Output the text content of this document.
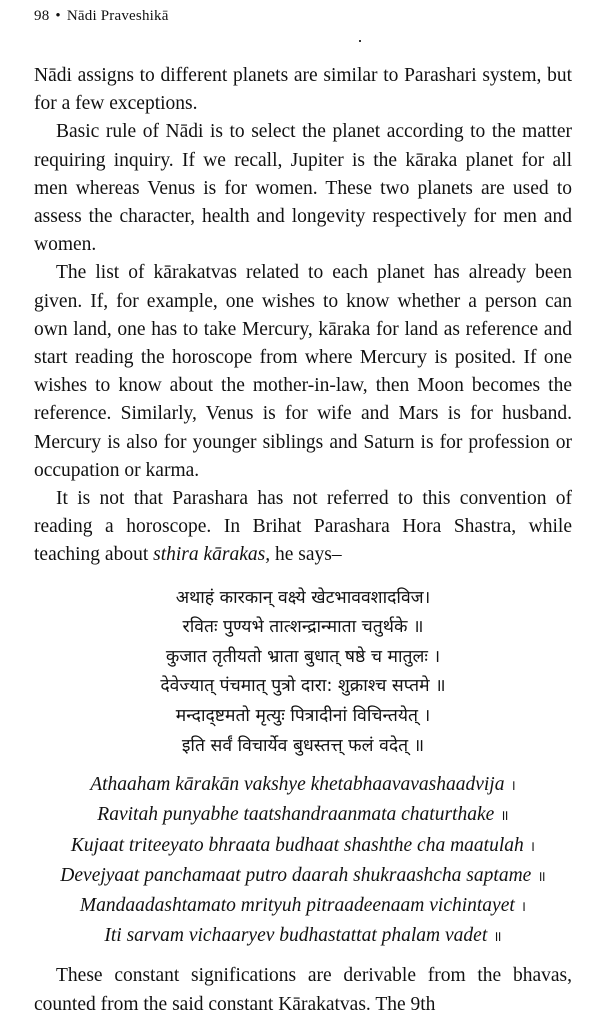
98 • Nādi Praveshikā

Nādi assigns to different planets are similar to Parashari system, but for a few exceptions.

Basic rule of Nādi is to select the planet according to the matter requiring inquiry. If we recall, Jupiter is the kāraka planet for all men whereas Venus is for women. These two planets are used to assess the character, health and longevity respectively for men and women.

The list of kārakatvas related to each planet has already been given. If, for example, one wishes to know whether a person can own land, one has to take Mercury, kāraka for land as reference and start reading the horoscope from where Mercury is posited. If one wishes to know about the mother-in-law, then Moon becomes the reference. Similarly, Venus is for wife and Mars is for husband. Mercury is also for younger siblings and Saturn is for profession or occupation or karma.

It is not that Parashara has not referred to this convention of reading a horoscope. In Brihat Parashara Hora Shastra, while teaching about sthira kārakas, he says–

अथाहं कारकान् वक्ष्ये खेटभाववशादविज।
रवितः पुण्यभे तात्शन्द्रान्माता चतुर्थके ॥
कुजात तृतीयतो भ्राता बुधात् षष्ठे च मातुलः ।
देवेज्यात् पंचमात् पुत्रो दारा: शुक्राश्च सप्तमे ॥
मन्दाद्ष्टमतो मृत्युः पित्रादीनां विचिन्तयेत् ।
इति सर्वं विचार्येव बुधस्तत्त् फलं वदेत् ॥
Athaaham kārakān vakshye khetabhaavavashaadvija ।
Ravitah punyabhe taatshandraanmata chaturthake ॥
Kujaat triteeyato bhraata budhaat shashthe cha maatulah ।
Devejyaat panchamaat putro daarah shukraashcha saptame ॥
Mandaadashtamato mrityuh pitraadeenaam vichintayet ।
Iti sarvam vichaaryev budhastattat phalam vadet ॥

These constant significations are derivable from the bhavas, counted from the said constant Kārakatvas. The 9th
